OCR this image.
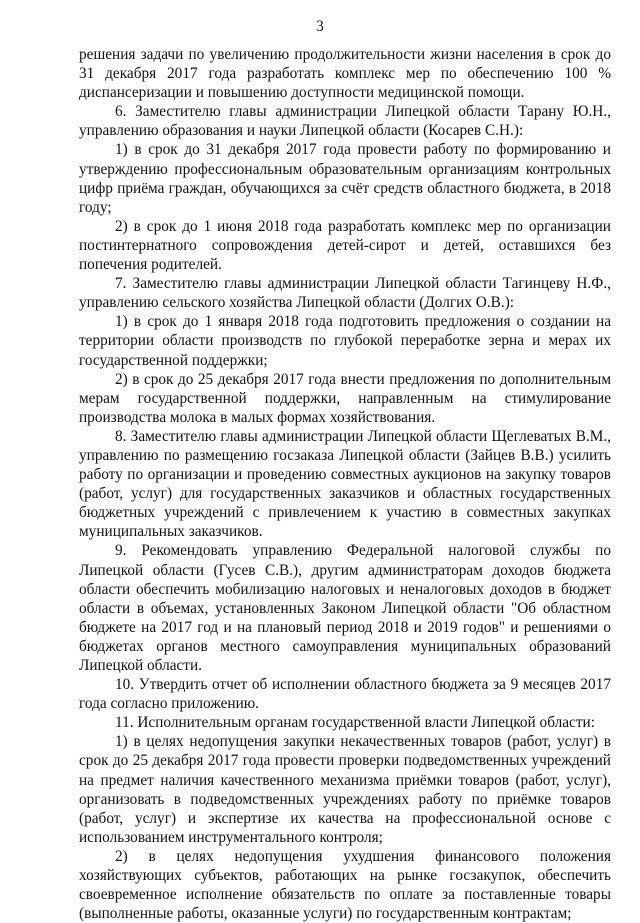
3

решения задачи по увеличению продолжительности жизни населения в срок до 31 декабря 2017 года разработать комплекс мер по обеспечению 100 % диспансеризации и повышению доступности медицинской помощи.

6. Заместителю главы администрации Липецкой области Тарану Ю.Н., управлению образования и науки Липецкой области (Косарев С.Н.):

1) в срок до 31 декабря 2017 года провести работу по формированию и утверждению профессиональным образовательным организациям контрольных цифр приёма граждан, обучающихся за счёт средств областного бюджета, в 2018 году;

2) в срок до 1 июня 2018 года разработать комплекс мер по организации постинтернатного сопровождения детей-сирот и детей, оставшихся без попечения родителей.

7. Заместителю главы администрации Липецкой области Тагинцеву Н.Ф., управлению сельского хозяйства Липецкой области (Долгих О.В.):

1) в срок до 1 января 2018 года подготовить предложения о создании на территории области производств по глубокой переработке зерна и мерах их государственной поддержки;

2) в срок до 25 декабря 2017 года внести предложения по дополнительным мерам государственной поддержки, направленным на стимулирование производства молока в малых формах хозяйствования.

8. Заместителю главы администрации Липецкой области Щеглеватых В.М., управлению по размещению госзаказа Липецкой области (Зайцев В.В.) усилить работу по организации и проведению совместных аукционов на закупку товаров (работ, услуг) для государственных заказчиков и областных государственных бюджетных учреждений с привлечением к участию в совместных закупках муниципальных заказчиков.

9. Рекомендовать управлению Федеральной налоговой службы по Липецкой области (Гусев С.В.), другим администраторам доходов бюджета области обеспечить мобилизацию налоговых и неналоговых доходов в бюджет области в объемах, установленных Законом Липецкой области "Об областном бюджете на 2017 год и на плановый период 2018 и 2019 годов" и решениями о бюджетах органов местного самоуправления муниципальных образований Липецкой области.

10. Утвердить отчет об исполнении областного бюджета за 9 месяцев 2017 года согласно приложению.

11. Исполнительным органам государственной власти Липецкой области:

1) в целях недопущения закупки некачественных товаров (работ, услуг) в срок до 25 декабря 2017 года провести проверки подведомственных учреждений на предмет наличия качественного механизма приёмки товаров (работ, услуг), организовать в подведомственных учреждениях работу по приёмке товаров (работ, услуг) и экспертизе их качества на профессиональной основе с использованием инструментального контроля;

2) в целях недопущения ухудшения финансового положения хозяйствующих субъектов, работающих на рынке госзакупок, обеспечить своевременное исполнение обязательств по оплате за поставленные товары (выполненные работы, оказанные услуги) по государственным контрактам;
